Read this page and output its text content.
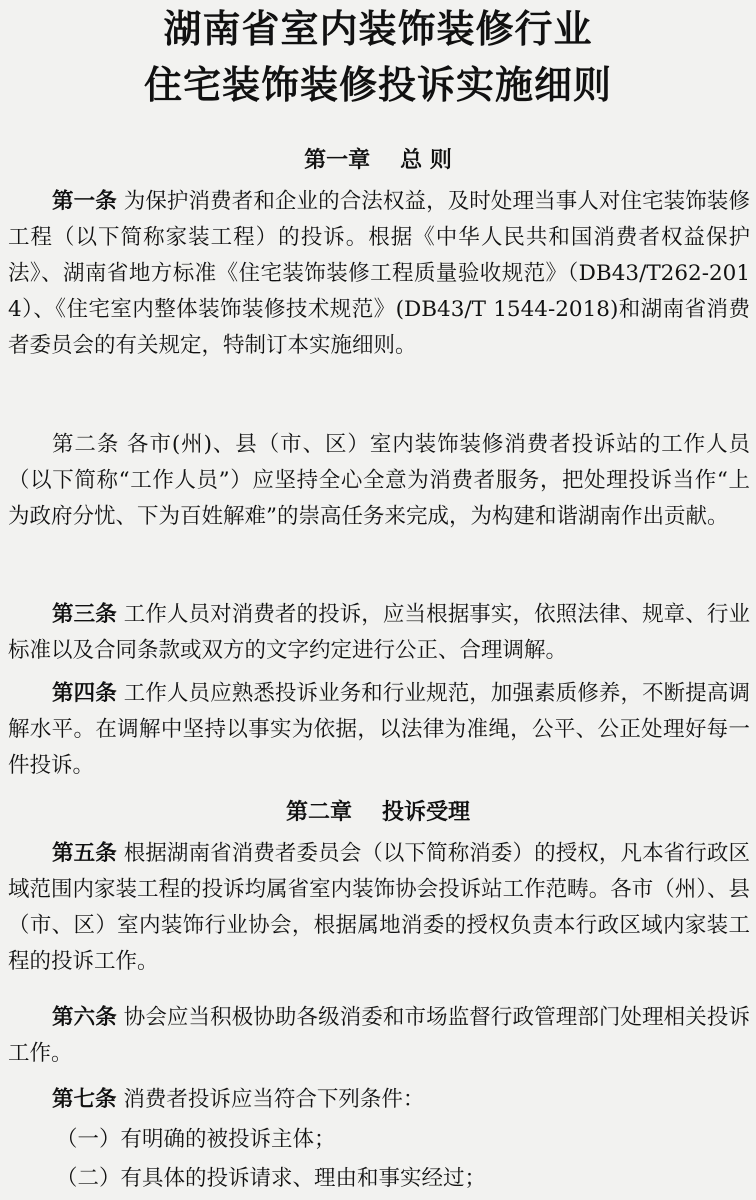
湖南省室内装饰装修行业
住宅装饰装修投诉实施细则
第一章 总 则

第一条 为保护消费者和企业的合法权益，及时处理当事人对住宅装饰装修工程（以下简称家装工程）的投诉。根据《中华人民共和国消费者权益保护法》、湖南省地方标准《住宅装饰装修工程质量验收规范》（DB43/T262-2014）、《住宅室内整体装饰装修技术规范》(DB43/T 1544-2018)和湖南省消费者委员会的有关规定，特制订本实施细则。

第二条 各市(州)、县（市、区）室内装饰装修消费者投诉站的工作人员（以下简称“工作人员”）应坚持全心全意为消费者服务，把处理投诉当作“上为政府分忧、下为百姓解难”的崇高任务来完成，为构建和谐湖南作出贡献。

第三条 工作人员对消费者的投诉，应当根据事实，依照法律、规章、行业标准以及合同条款或双方的文字约定进行公正、合理调解。

第四条 工作人员应熟悉投诉业务和行业规范，加强素质修养，不断提高调解水平。在调解中坚持以事实为依据，以法律为准绳，公平、公正处理好每一件投诉。

第二章 投诉受理

第五条 根据湖南省消费者委员会（以下简称消委）的授权，凡本省行政区域范围内家装工程的投诉均属省室内装饰协会投诉站工作范畴。各市（州）、县（市、区）室内装饰行业协会，根据属地消委的授权负责本行政区域内家装工程的投诉工作。

第六条 协会应当积极协助各级消委和市场监督行政管理部门处理相关投诉工作。

第七条 消费者投诉应当符合下列条件：

（一）有明确的被投诉主体；
（二）有具体的投诉请求、理由和事实经过；
